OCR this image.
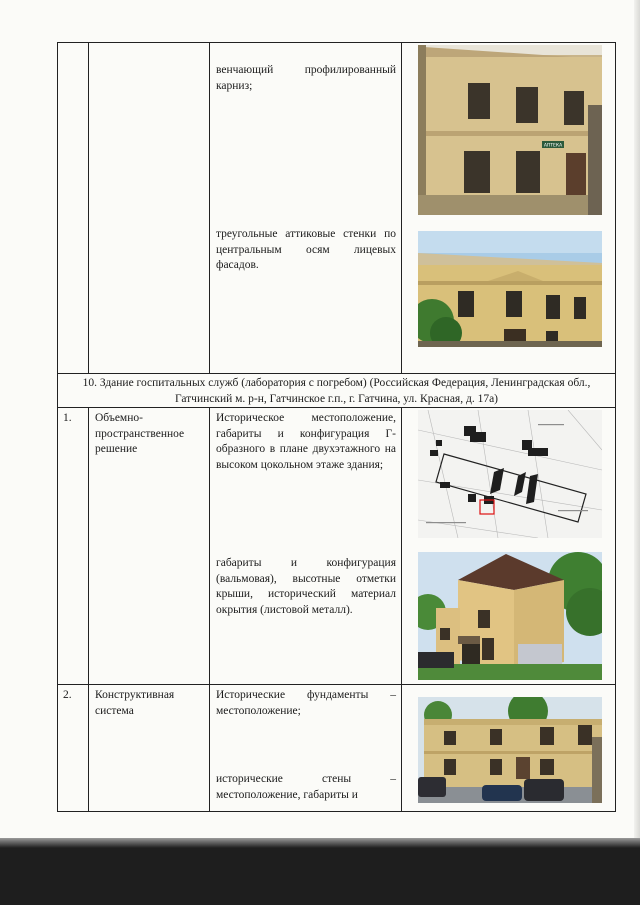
венчающий профилированный карниз;
треугольные аттиковые стенки по центральным осям лицевых фасадов.
АПТЕКА
10. Здание госпитальных служб (лаборатория с погребом) (Российская Федерация, Ленинградская обл., Гатчинский м. р-н, Гатчинское г.п., г. Гатчина, ул. Красная, д. 17а)
1.	Объемно-пространственное решение
Историческое местоположение, габариты и конфигурация Г-образного в плане двухэтажного на высоком цокольном этаже здания;
габариты и конфигурация (вальмовая), высотные отметки крыши, исторический материал окрытия (листовой металл).
2.	Конструктивная система
Исторические фундаменты – местоположение;
исторические стены – местоположение, габариты и
